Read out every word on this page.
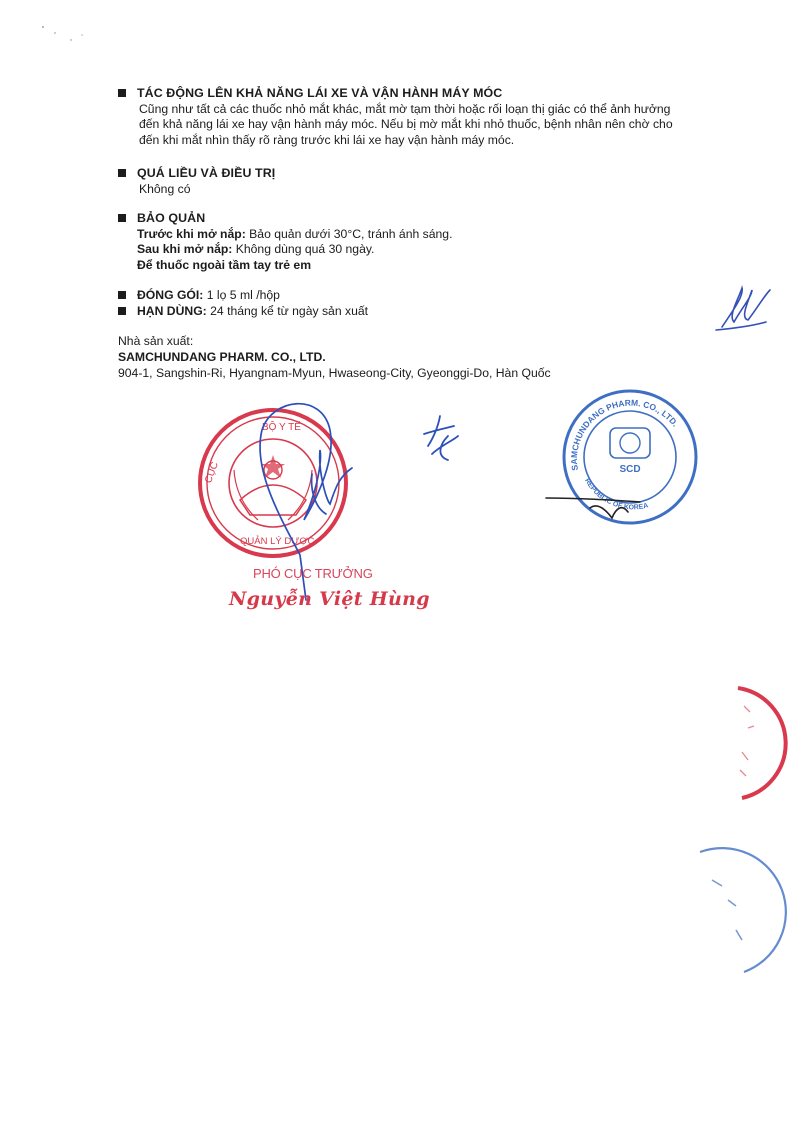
TÁC ĐỘNG LÊN KHẢ NĂNG LÁI XE VÀ VẬN HÀNH MÁY MÓC
Cũng như tất cả các thuốc nhỏ mắt khác, mắt mờ tạm thời hoặc rối loạn thị giác có thể ảnh hưởng
đến khả năng lái xe hay vận hành máy móc. Nếu bị mờ mắt khi nhỏ thuốc, bệnh nhân nên chờ cho
đến khi mắt nhìn thấy rõ ràng trước khi lái xe hay vận hành máy móc.
QUÁ LIỀU VÀ ĐIỀU TRỊ
Không có
BẢO QUẢN
Trước khi mở nắp: Bảo quản dưới 30°C, tránh ánh sáng.
Sau khi mở nắp: Không dùng quá 30 ngày.
Để thuốc ngoài tầm tay trẻ em
ĐÓNG GÓI: 1 lọ 5 ml /hộp
HẠN DÙNG: 24 tháng kể từ ngày sản xuất
Nhà sản xuất:
SAMCHUNDANG PHARM. CO., LTD.
904-1, Sangshin-Ri, Hyangnam-Myun, Hwaseong-City, Gyeonggi-Do, Hàn Quốc
BỘ Y TẾ
CỤC
QUẢN LÝ DƯỢC
SAMCHUNDANG PHARM. CO., LTD.
REPUBLIC OF KOREA
SCD
PHÓ CỤC TRƯỞNG
Nguyễn Việt Hùng
